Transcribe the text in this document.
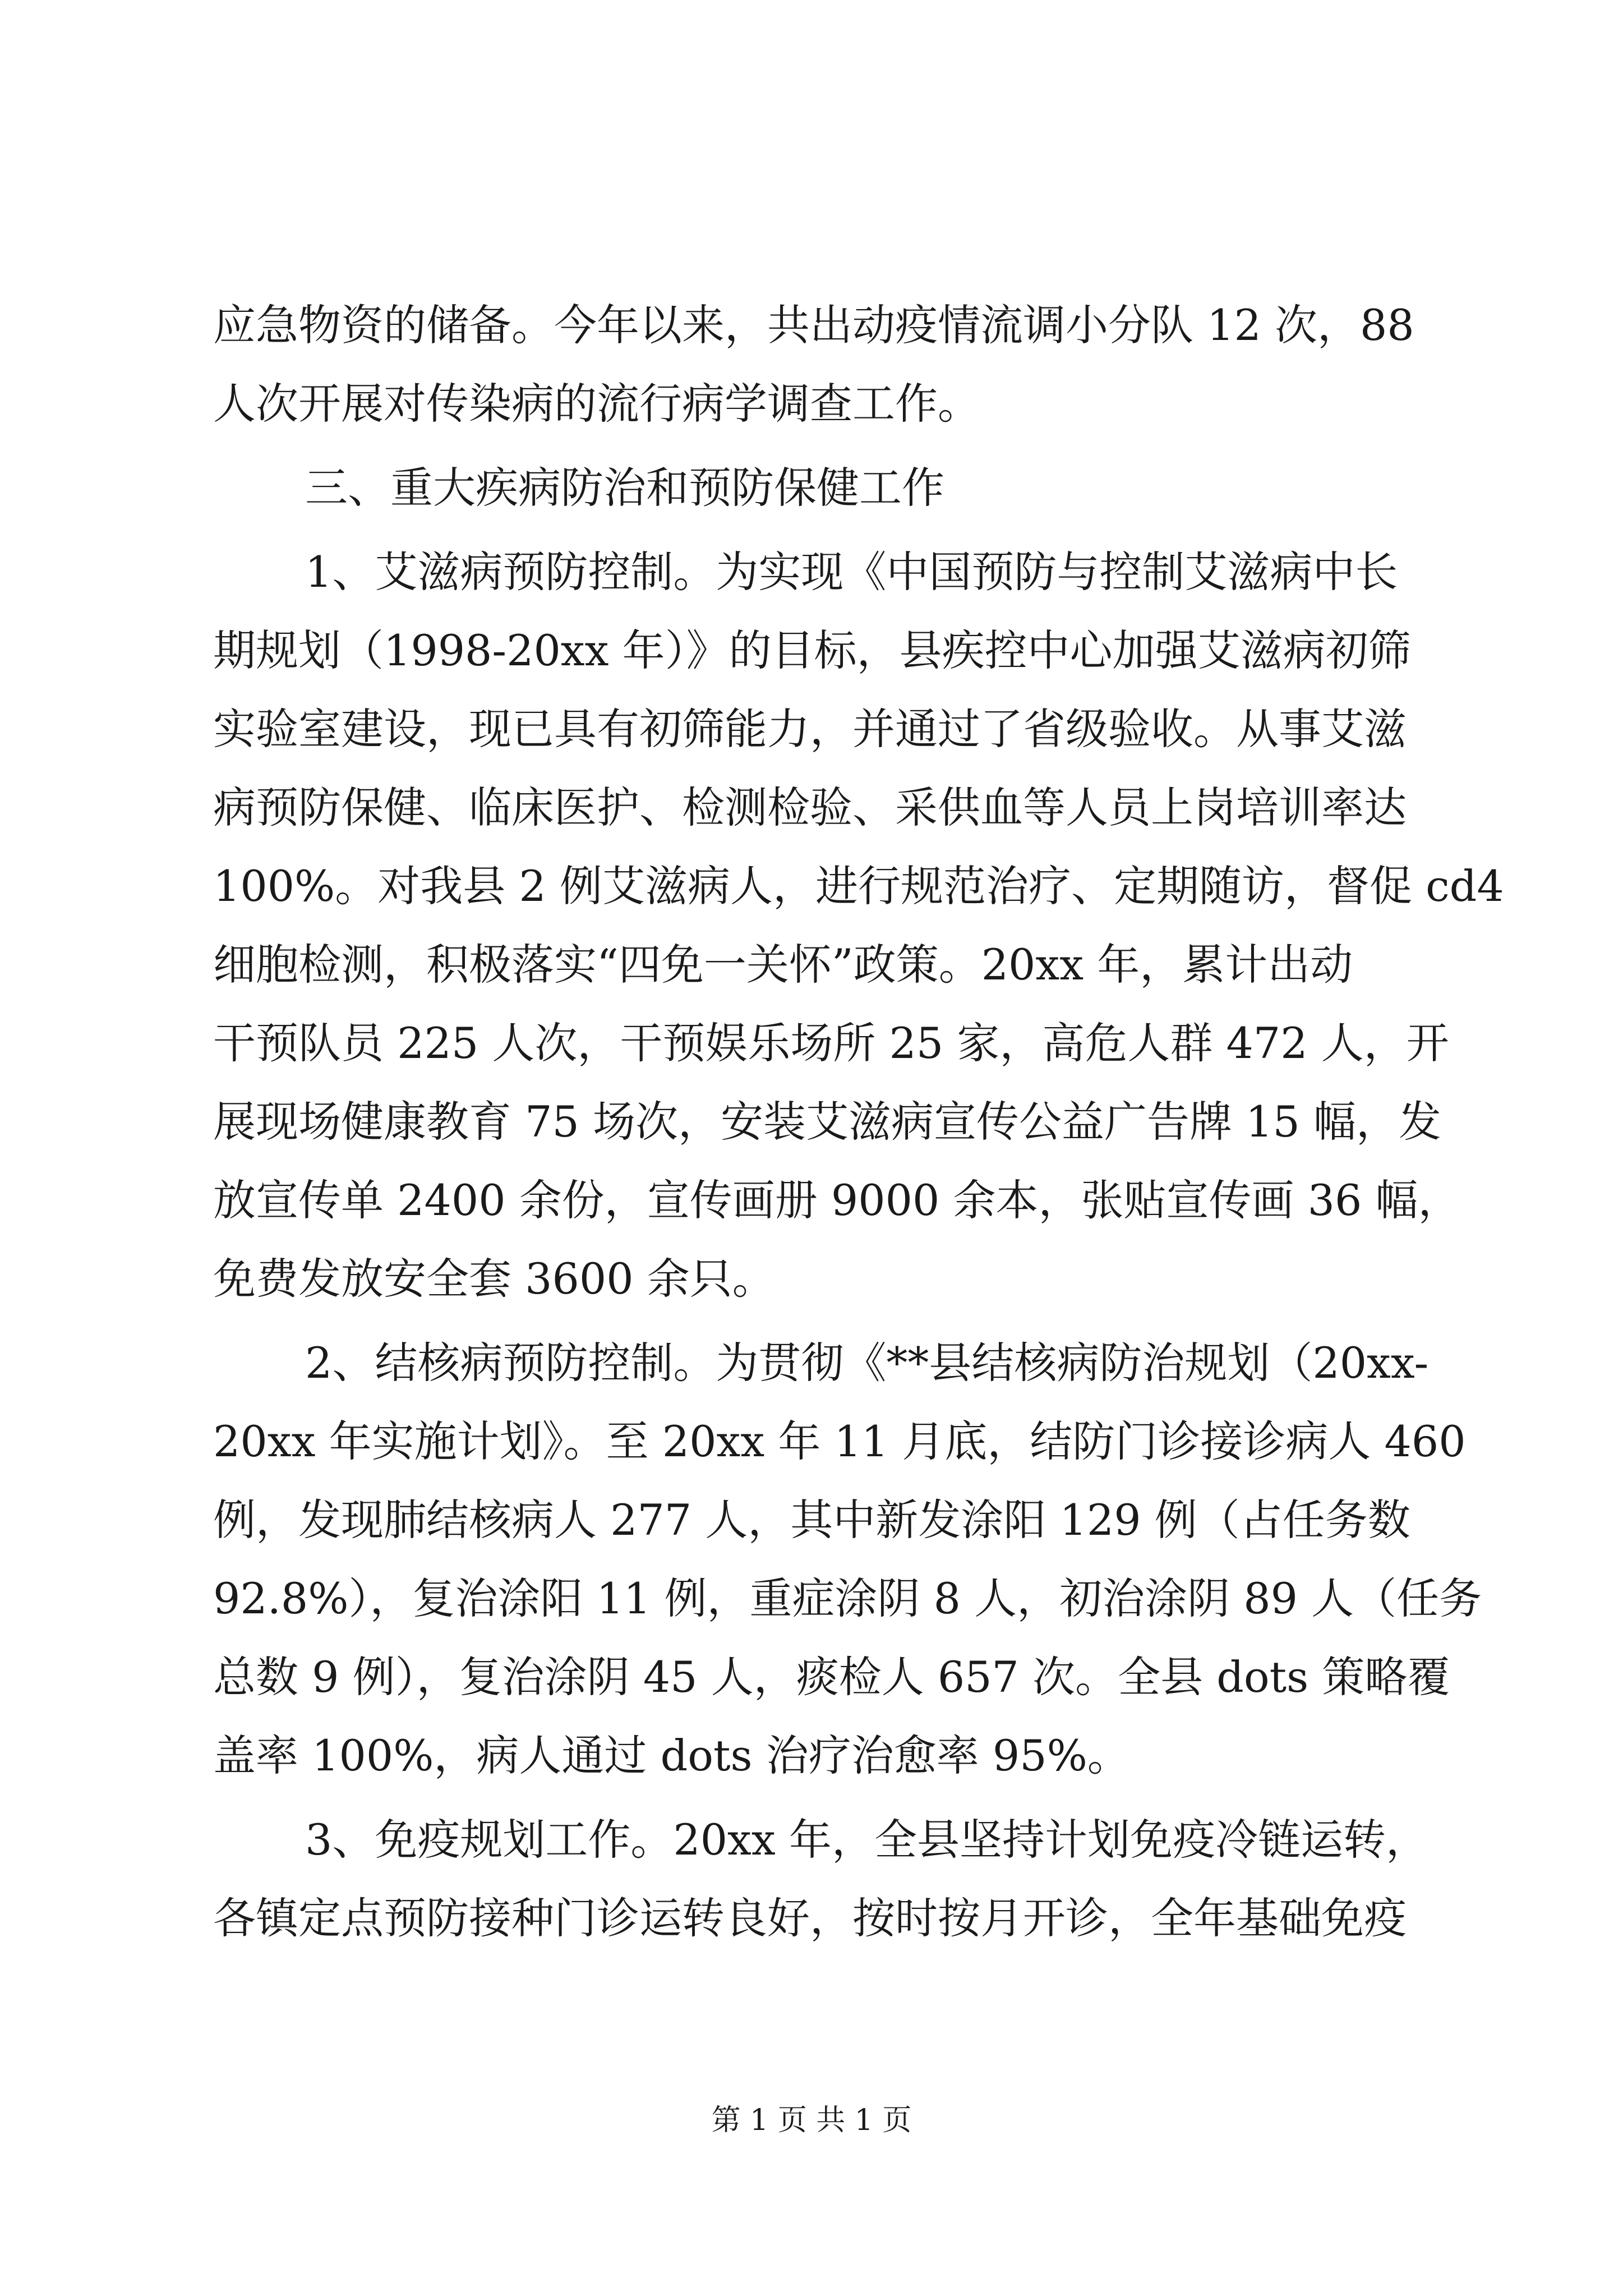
应急物资的储备。今年以来，共出动疫情流调小分队 12 次，88
人次开展对传染病的流行病学调查工作。
三、重大疾病防治和预防保健工作
1、艾滋病预防控制。为实现《中国预防与控制艾滋病中长
期规划（1998-20xx 年）》的目标，县疾控中心加强艾滋病初筛
实验室建设，现已具有初筛能力，并通过了省级验收。从事艾滋
病预防保健、临床医护、检测检验、采供血等人员上岗培训率达
100%。对我县 2 例艾滋病人，进行规范治疗、定期随访，督促 cd4
细胞检测，积极落实“四免一关怀”政策。20xx 年，累计出动
干预队员 225 人次，干预娱乐场所 25 家，高危人群 472 人，开
展现场健康教育 75 场次，安装艾滋病宣传公益广告牌 15 幅，发
放宣传单 2400 余份，宣传画册 9000 余本，张贴宣传画 36 幅，
免费发放安全套 3600 余只。
2、结核病预防控制。为贯彻《**县结核病防治规划（20xx-
20xx 年实施计划》。至 20xx 年 11 月底，结防门诊接诊病人 460
例，发现肺结核病人 277 人，其中新发涂阳 129 例（占任务数
92.8%），复治涂阳 11 例，重症涂阴 8 人，初治涂阴 89 人（任务
总数 9 例），复治涂阴 45 人，痰检人 657 次。全县 dots 策略覆
盖率 100%，病人通过 dots 治疗治愈率 95%。
3、免疫规划工作。20xx 年，全县坚持计划免疫冷链运转，
各镇定点预防接种门诊运转良好，按时按月开诊，全年基础免疫
第 1 页 共 1 页
